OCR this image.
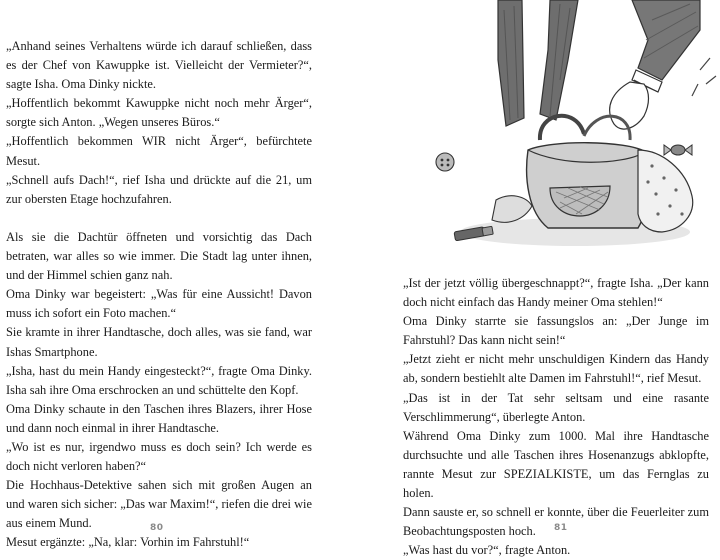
„Anhand seines Verhaltens würde ich darauf schließen, dass es der Chef von Kawuppke ist. Vielleicht der Vermieter?“, sagte Isha. Oma Dinky nickte.

„Hoffentlich bekommt Kawuppke nicht noch mehr Ärger“, sorgte sich Anton. „Wegen unseres Büros.“

„Hoffentlich bekommen WIR nicht Ärger“, befürchtete Mesut.

„Schnell aufs Dach!“, rief Isha und drückte auf die 21, um zur obersten Etage hochzufahren.

Als sie die Dachtür öffneten und vorsichtig das Dach betraten, war alles so wie immer. Die Stadt lag unter ihnen, und der Himmel schien ganz nah.

Oma Dinky war begeistert: „Was für eine Aussicht! Davon muss ich sofort ein Foto machen.“

Sie kramte in ihrer Handtasche, doch alles, was sie fand, war Ishas Smartphone.

„Isha, hast du mein Handy eingesteckt?“, fragte Oma Dinky. Isha sah ihre Oma erschrocken an und schüttelte den Kopf.

Oma Dinky schaute in den Taschen ihres Blazers, ihrer Hose und dann noch einmal in ihrer Handtasche.

„Wo ist es nur, irgendwo muss es doch sein? Ich werde es doch nicht verloren haben?“

Die Hochhaus-Detektive sahen sich mit großen Augen an und waren sich sicher: „Das war Maxim!“, riefen die drei wie aus einem Mund.

Mesut ergänzte: „Na, klar: Vorhin im Fahrstuhl!“

80

„Ist der jetzt völlig übergeschnappt?“, fragte Isha. „Der kann doch nicht einfach das Handy meiner Oma stehlen!“

Oma Dinky starrte sie fassungslos an: „Der Junge im Fahrstuhl? Das kann nicht sein!“

„Jetzt zieht er nicht mehr unschuldigen Kindern das Handy ab, sondern bestiehlt alte Damen im Fahrstuhl!“, rief Mesut.

„Das ist in der Tat sehr seltsam und eine rasante Verschlimmerung“, überlegte Anton.

Während Oma Dinky zum 1000. Mal ihre Handtasche durchsuchte und alle Taschen ihres Hosenanzugs abklopfte, rannte Mesut zur SPEZIALKISTE, um das Fernglas zu holen.

Dann sauste er, so schnell er konnte, über die Feuerleiter zum Beobachtungsposten hoch.

„Was hast du vor?“, fragte Anton.

81
